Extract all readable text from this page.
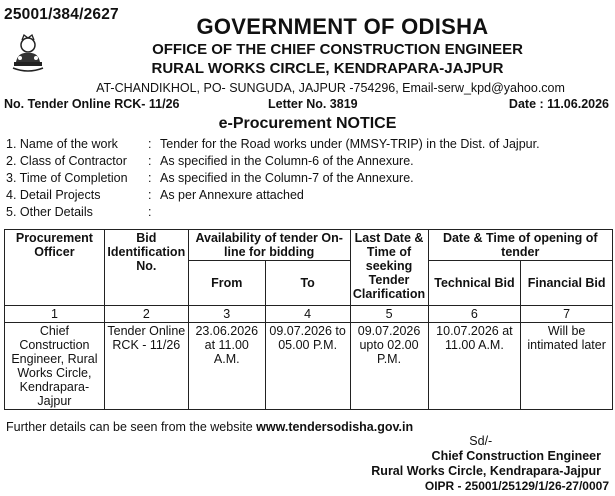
25001/384/2627	GOVERNMENT OF ODISHA
OFFICE OF THE CHIEF CONSTRUCTION ENGINEER
RURAL WORKS CIRCLE, KENDRAPARA-JAJPUR
AT-CHANDIKHOL, PO- SUNGUDA, JAJPUR -754296, Email-serw_kpd@yahoo.com
No. Tender Online RCK- 11/26	Letter No. 3819	Date : 11.06.2026
e-Procurement NOTICE
1. Name of the work : Tender for the Road works under (MMSY-TRIP) in the Dist. of Jajpur.
2. Class of Contractor : As specified in the Column-6 of the Annexure.
3. Time of Completion : As specified in the Column-7 of the Annexure.
4. Detail Projects	: As per Annexure attached
5. Other Details	:
Procurement Officer	Bid Identification No.	Availability of tender On-line for bidding		Last Date & Time of seeking Tender Clarification	Date & Time of opening of tender	
		From	To		Technical Bid	Financial Bid
1	2	3	4	5	6	7
Chief Construction Engineer, Rural Works Circle, Kendrapara-Jajpur	Tender Online RCK - 11/26	23.06.2026 at 11.00 A.M.	09.07.2026 to 05.00 P.M.	09.07.2026 upto 02.00 P.M.	10.07.2026 at 11.00 A.M.	Will be intimated later
Further details can be seen from the website www.tendersodisha.gov.in
Sd/-
Chief Construction Engineer
Rural Works Circle, Kendrapara-Jajpur
OIPR - 25001/25129/1/26-27/0007
